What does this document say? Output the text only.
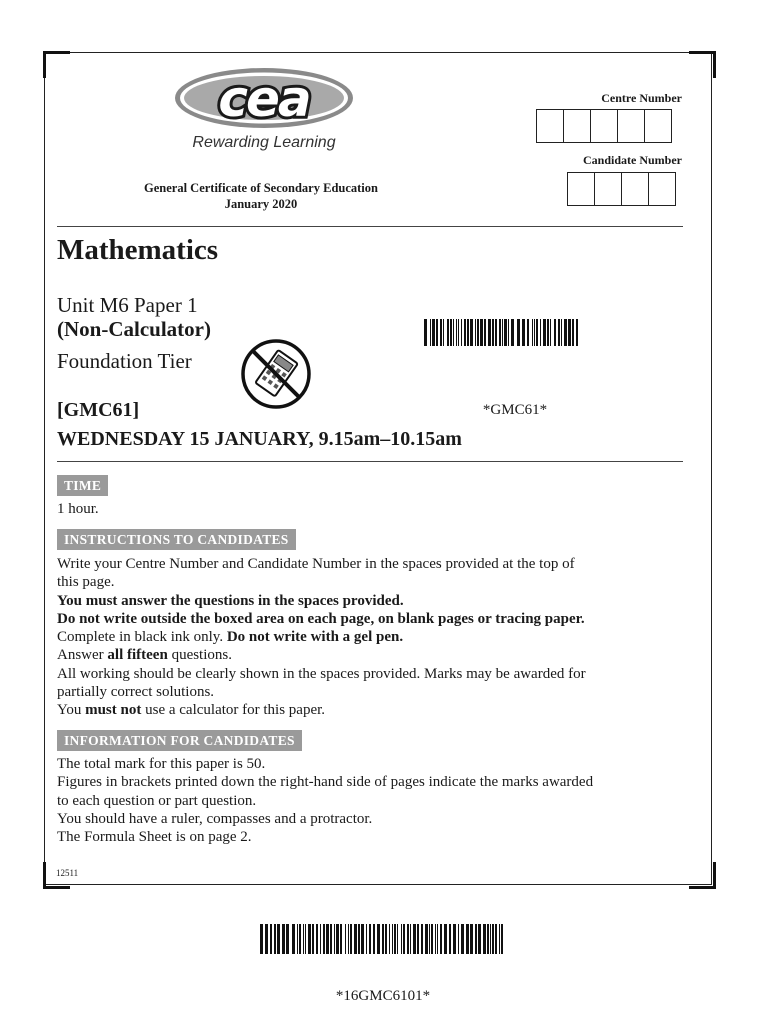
cea
Rewarding Learning
General Certificate of Secondary Education
January 2020
Centre Number
Candidate Number
Mathematics
Unit M6 Paper 1
(Non-Calculator)
Foundation Tier
[GMC61]	*GMC61*
WEDNESDAY 15 JANUARY, 9.15am–10.15am
TIME
1 hour.
INSTRUCTIONS TO CANDIDATES
Write your Centre Number and Candidate Number in the spaces provided at the top of
this page.
You must answer the questions in the spaces provided.
Do not write outside the boxed area on each page, on blank pages or tracing paper.
Complete in black ink only. Do not write with a gel pen.
Answer all fifteen questions.
All working should be clearly shown in the spaces provided. Marks may be awarded for
partially correct solutions.
You must not use a calculator for this paper.
INFORMATION FOR CANDIDATES
The total mark for this paper is 50.
Figures in brackets printed down the right-hand side of pages indicate the marks awarded
to each question or part question.
You should have a ruler, compasses and a protractor.
The Formula Sheet is on page 2.
12511
*16GMC6101*
